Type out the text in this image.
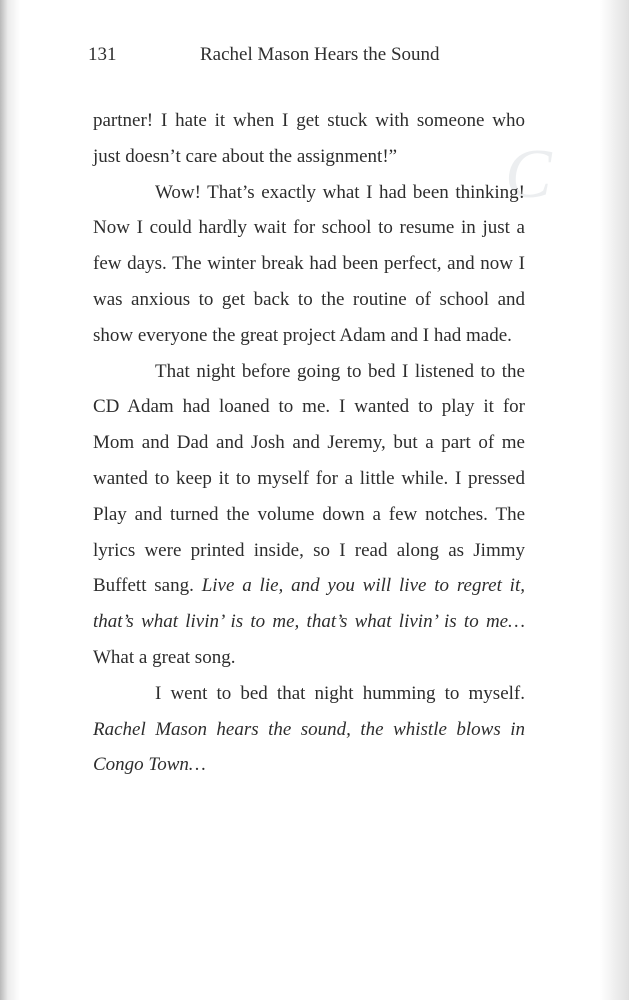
C

131	Rachel Mason Hears the Sound

partner! I hate it when I get stuck with someone who just doesn’t care about the assignment!”

Wow! That’s exactly what I had been thinking! Now I could hardly wait for school to resume in just a few days. The winter break had been perfect, and now I was anxious to get back to the routine of school and show everyone the great project Adam and I had made.

That night before going to bed I listened to the CD Adam had loaned to me. I wanted to play it for Mom and Dad and Josh and Jeremy, but a part of me wanted to keep it to myself for a little while. I pressed Play and turned the volume down a few notches. The lyrics were printed inside, so I read along as Jimmy Buffett sang. Live a lie, and you will live to regret it, that’s what livin’ is to me, that’s what livin’ is to me… What a great song.

I went to bed that night humming to myself. Rachel Mason hears the sound, the whistle blows in Congo Town…
